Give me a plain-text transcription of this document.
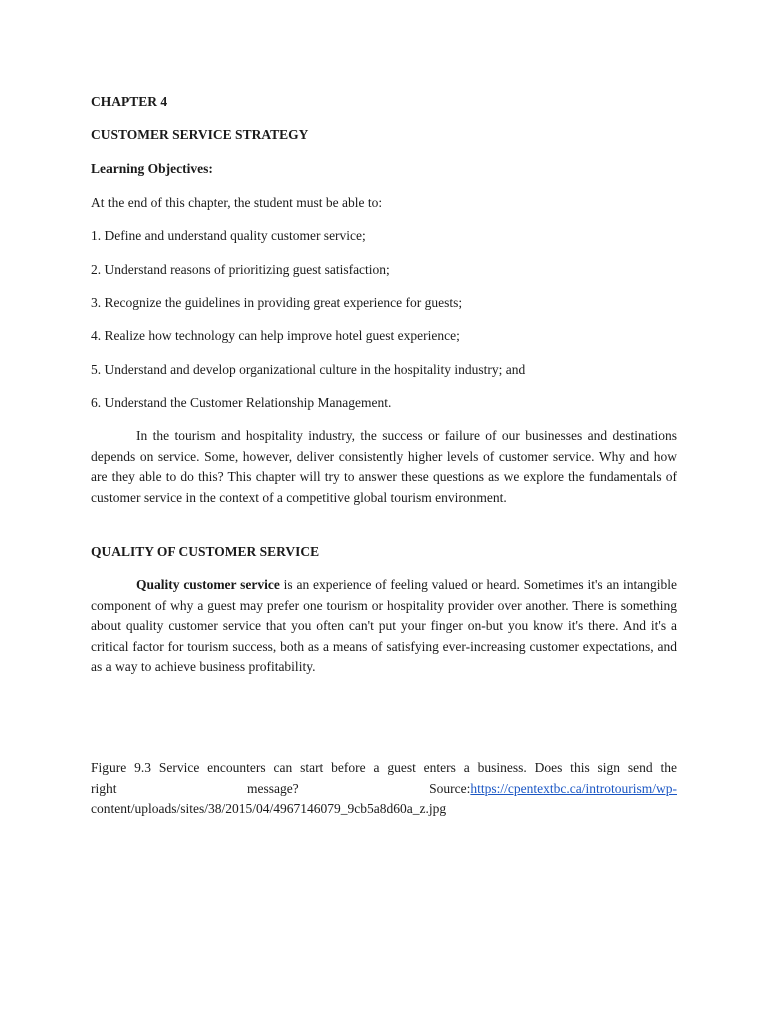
CHAPTER 4
CUSTOMER SERVICE STRATEGY
Learning Objectives:
At the end of this chapter, the student must be able to:
1. Define and understand quality customer service;
2. Understand reasons of prioritizing guest satisfaction;
3. Recognize the guidelines in providing great experience for guests;
4. Realize how technology can help improve hotel guest experience;
5. Understand and develop organizational culture in the hospitality industry; and
6. Understand the Customer Relationship Management.
In the tourism and hospitality industry, the success or failure of our businesses and destinations depends on service. Some, however, deliver consistently higher levels of customer service. Why and how are they able to do this? This chapter will try to answer these questions as we explore the fundamentals of customer service in the context of a competitive global tourism environment.
QUALITY OF CUSTOMER SERVICE
Quality customer service is an experience of feeling valued or heard. Sometimes it's an intangible component of why a guest may prefer one tourism or hospitality provider over another. There is something about quality customer service that you often can't put your finger on-but you know it's there. And it's a critical factor for tourism success, both as a means of satisfying ever-increasing customer expectations, and as a way to achieve business profitability.
Figure 9.3 Service encounters can start before a guest enters a business. Does this sign send the
right	message?	Source:https://cpentextbc.ca/introtourism/wp-
content/uploads/sites/38/2015/04/4967146079_9cb5a8d60a_z.jpg
